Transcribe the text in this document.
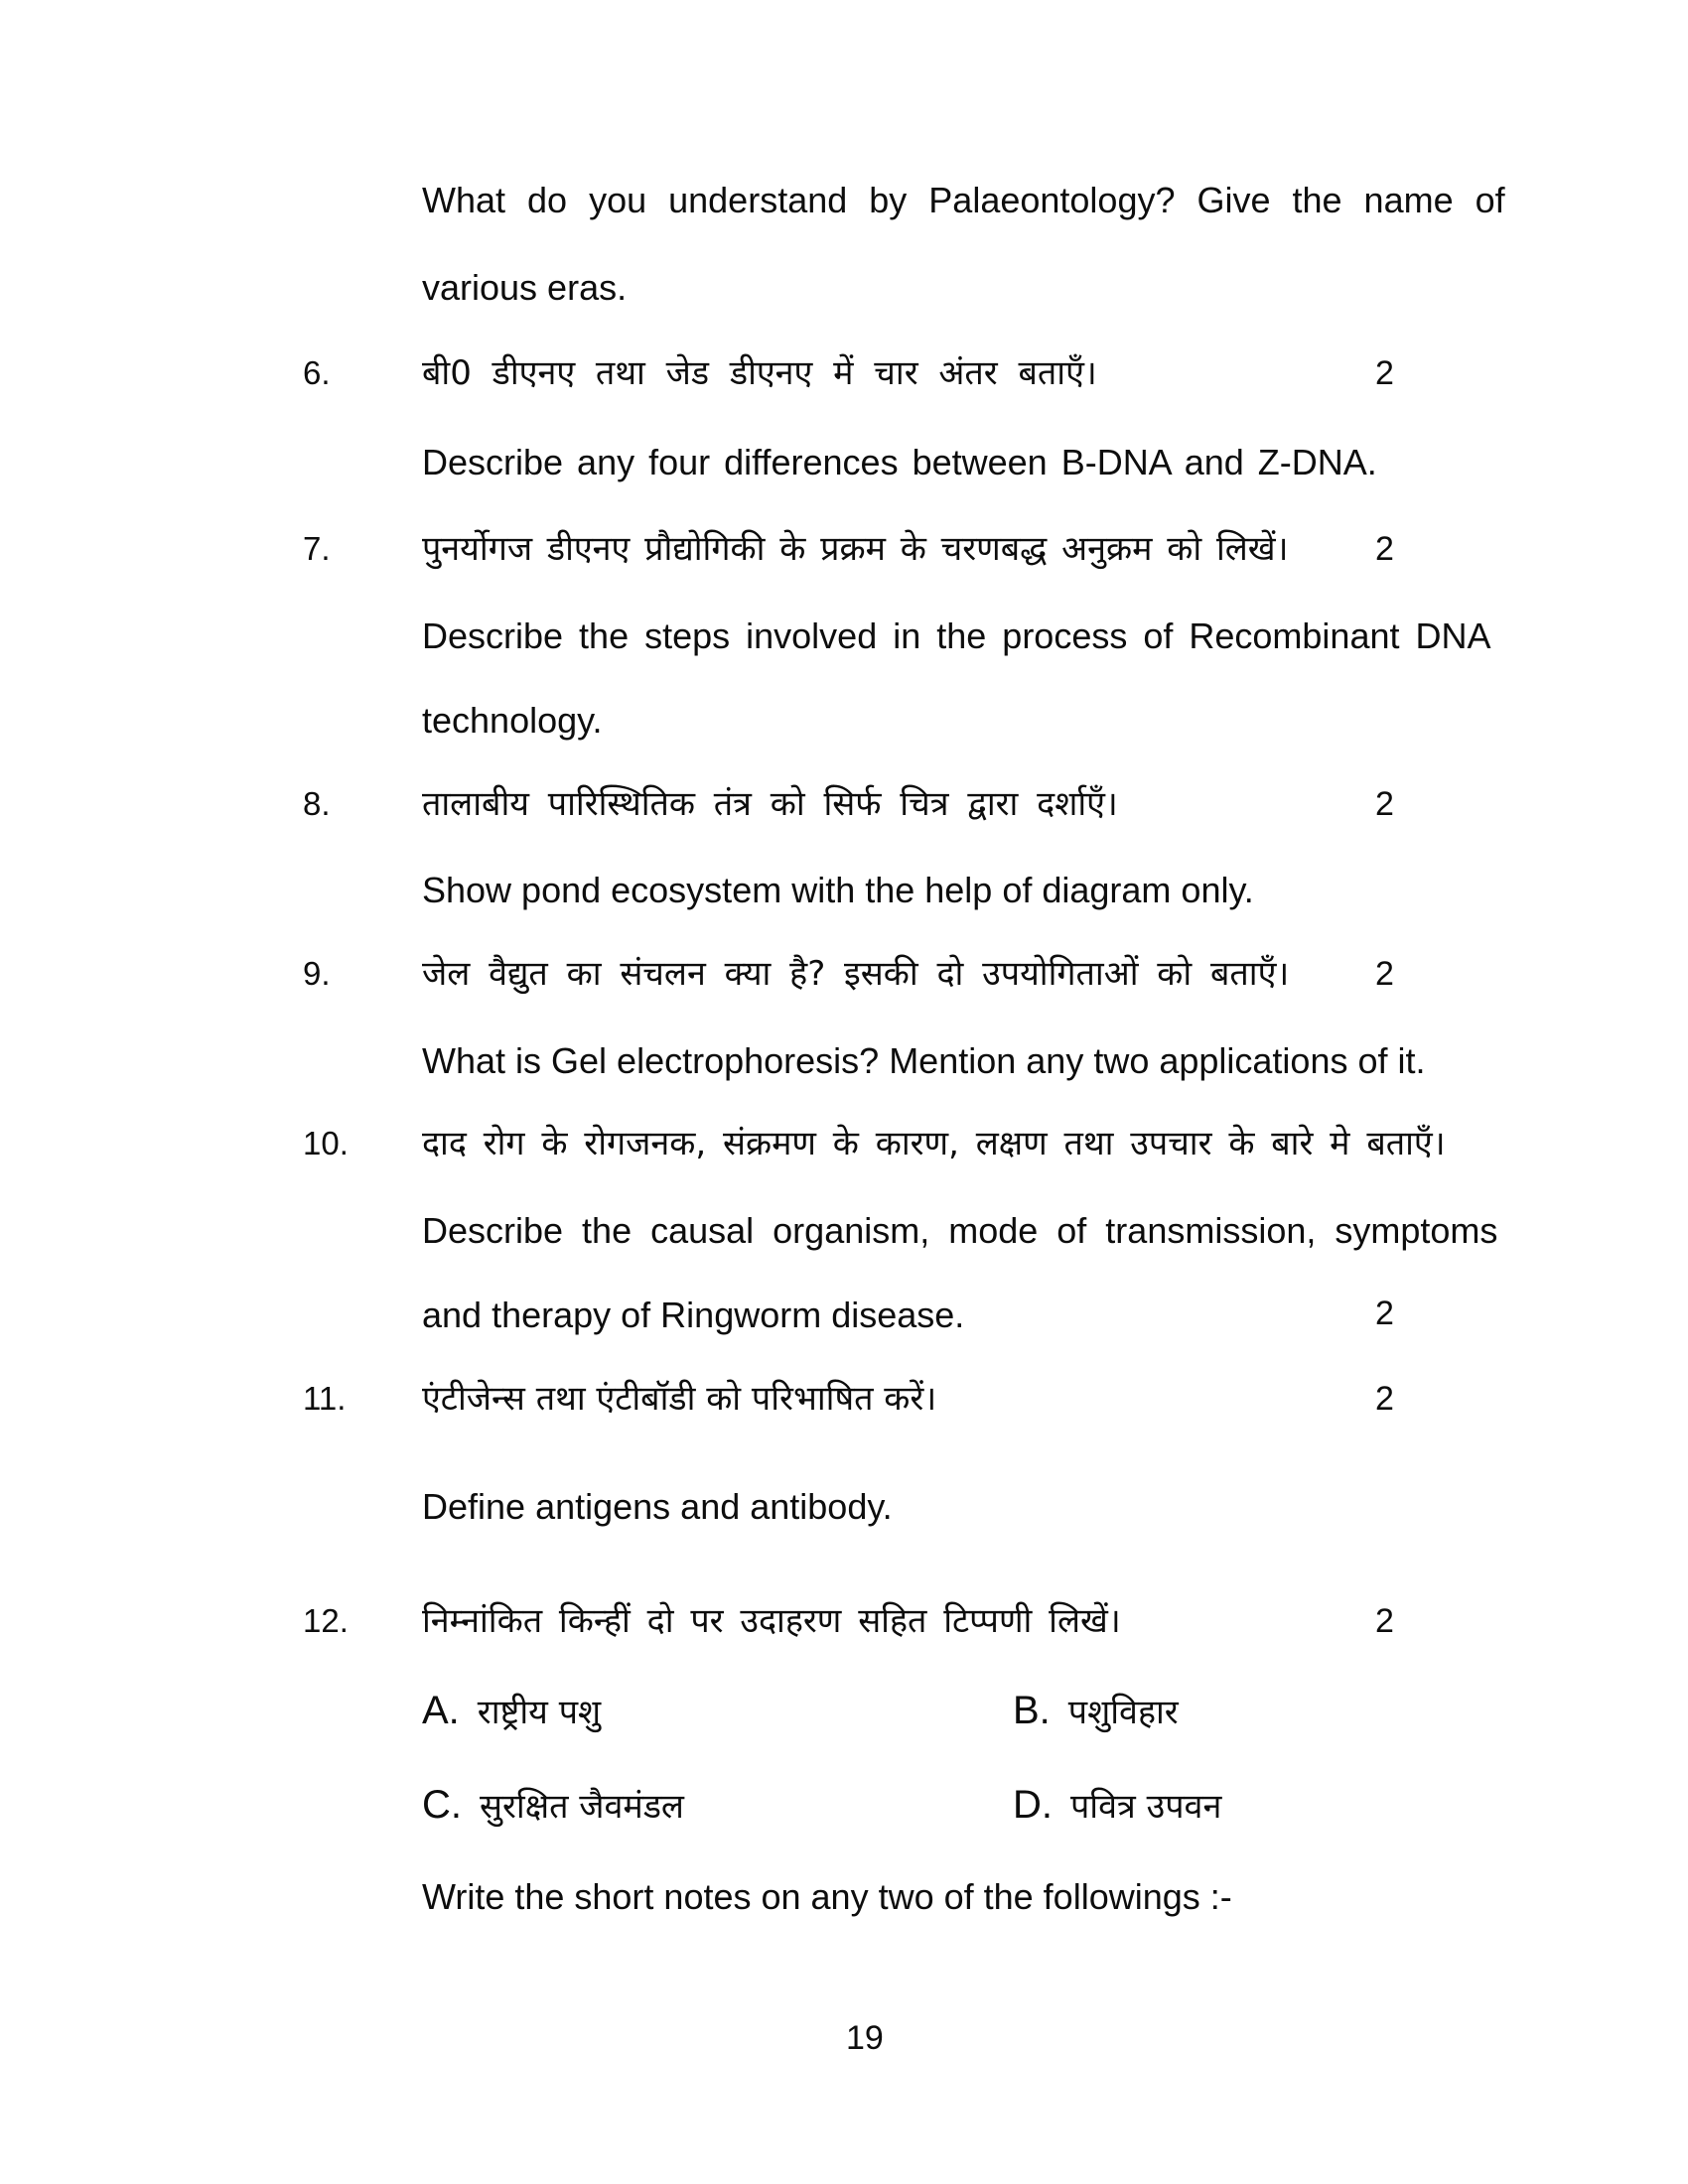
What do you understand by Palaeontology? Give the name of
various eras.
6.	बी0 डीएनए तथा जेड डीएनए में चार अंतर बताएँ।	2
Describe any four differences between B-DNA and Z-DNA.
7.	पुनर्योगज डीएनए प्रौद्योगिकी के प्रक्रम के चरणबद्ध अनुक्रम को लिखें।	2
Describe the steps involved in the process of Recombinant DNA
technology.
8.	तालाबीय पारिस्थितिक तंत्र को सिर्फ चित्र द्वारा दर्शाएँ।	2
Show pond ecosystem with the help of diagram only.
9.	जेल वैद्युत का संचलन क्या है? इसकी दो उपयोगिताओं को बताएँ।	2
What is Gel electrophoresis? Mention any two applications of it.
10. दाद रोग के रोगजनक, संक्रमण के कारण, लक्षण तथा उपचार के बारे मे बताएँ।
Describe the causal organism, mode of transmission, symptoms
and therapy of Ringworm disease.	2
11. एंटीजेन्स तथा एंटीबॉडी को परिभाषित करें।	2
Define antigens and antibody.
12. निम्नांकित किन्हीं दो पर उदाहरण सहित टिप्पणी लिखें।	2
A. राष्ट्रीय पशु	B. पशुविहार
C. सुरक्षित जैवमंडल	D. पवित्र उपवन
Write the short notes on any two of the followings :-
19
